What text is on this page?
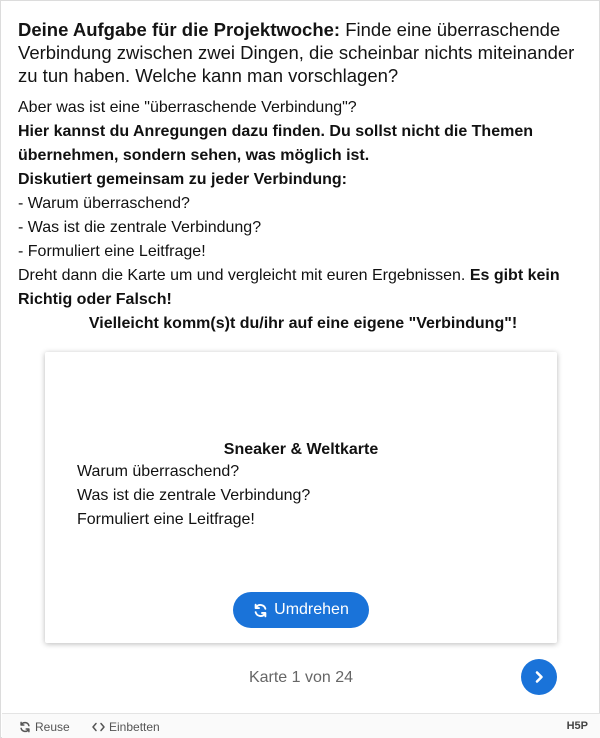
Deine Aufgabe für die Projektwoche: Finde eine überraschende Verbindung zwischen zwei Dingen, die scheinbar nichts miteinander zu tun haben. Welche kann man vorschlagen?

Aber was ist eine "überraschende Verbindung"?

Hier kannst du Anregungen dazu finden. Du sollst nicht die Themen übernehmen, sondern sehen, was möglich ist.

Diskutiert gemeinsam zu jeder Verbindung:

- Warum überraschend?

- Was ist die zentrale Verbindung?

- Formuliert eine Leitfrage!

Dreht dann die Karte um und vergleicht mit euren Ergebnissen. Es gibt kein Richtig oder Falsch!

Vielleicht komm(s)t du/ihr auf eine eigene "Verbindung"!

Sneaker & Weltkarte
Warum überraschend?
Was ist die zentrale Verbindung?
Formuliert eine Leitfrage!
Umdrehen
Karte 1 von 24
Reuse	Einbetten	H5P
